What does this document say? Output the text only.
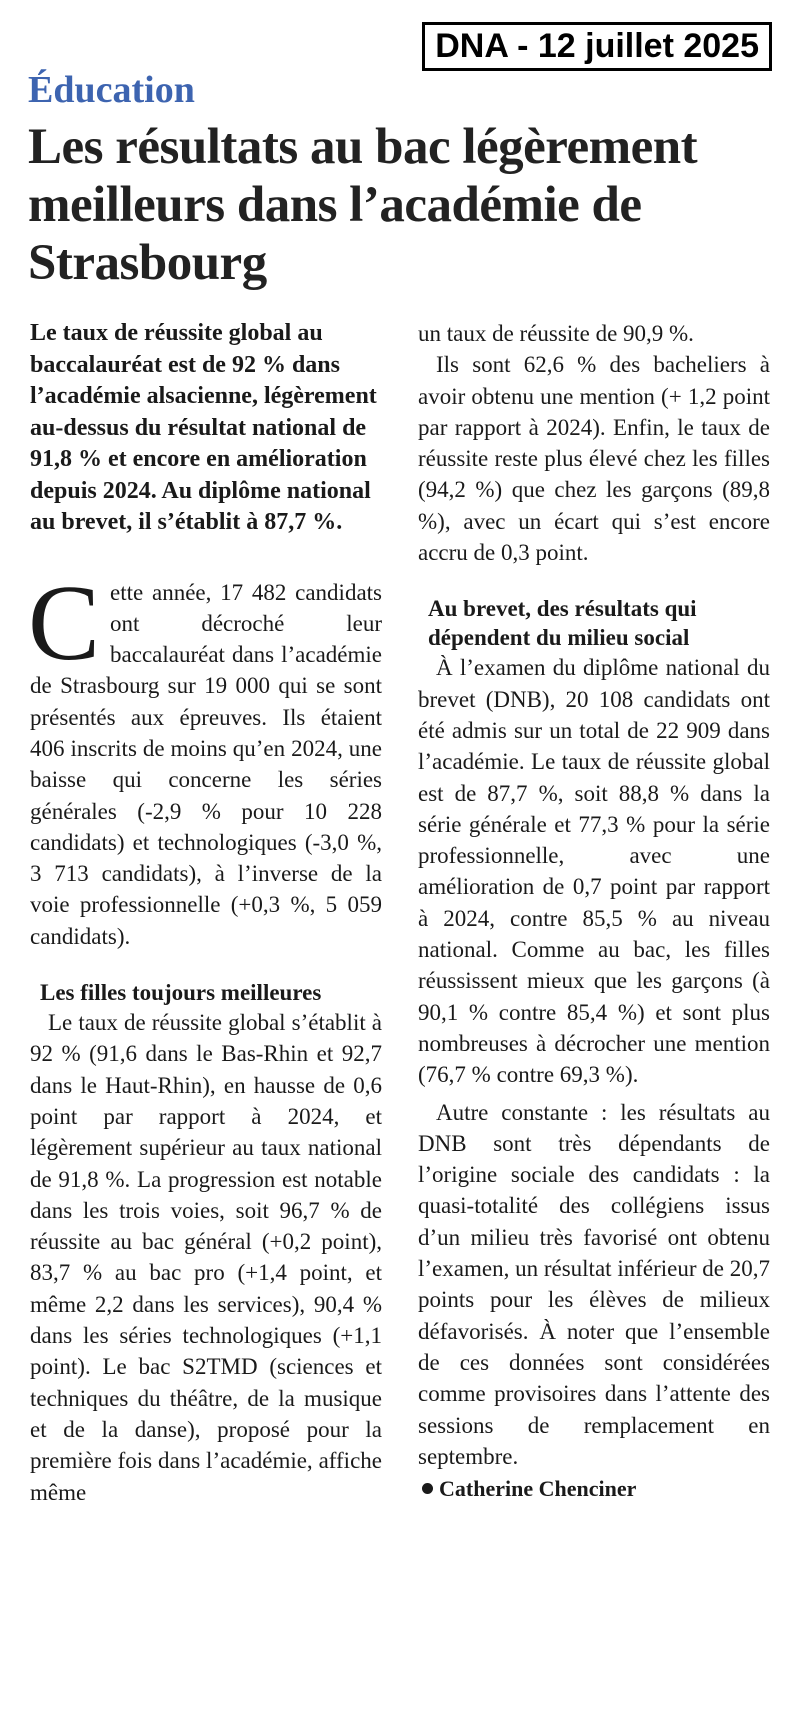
DNA - 12 juillet 2025
Éducation
Les résultats au bac légèrement meilleurs dans l’académie de Strasbourg

Le taux de réussite global au baccalauréat est de 92 % dans l’académie alsacienne, légèrement au-dessus du résultat national de 91,8 % et encore en amélioration depuis 2024. Au diplôme national au brevet, il s’établit à 87,7 %.

Cette année, 17 482 candidats ont décroché leur baccalauréat dans l’académie de Strasbourg sur 19 000 qui se sont présentés aux épreuves. Ils étaient 406 inscrits de moins qu’en 2024, une baisse qui concerne les séries générales (-2,9 % pour 10 228 candidats) et technologiques (-3,0 %, 3 713 candidats), à l’inverse de la voie professionnelle (+0,3 %, 5 059 candidats).

Les filles toujours meilleures

Le taux de réussite global s’établit à 92 % (91,6 dans le Bas-Rhin et 92,7 dans le Haut-Rhin), en hausse de 0,6 point par rapport à 2024, et légèrement supérieur au taux national de 91,8 %. La progression est notable dans les trois voies, soit 96,7 % de réussite au bac général (+0,2 point), 83,7 % au bac pro (+1,4 point, et même 2,2 dans les services), 90,4 % dans les séries technologiques (+1,1 point). Le bac S2TMD (sciences et techniques du théâtre, de la musique et de la danse), proposé pour la première fois dans l’académie, affiche même

un taux de réussite de 90,9 %.

Ils sont 62,6 % des bacheliers à avoir obtenu une mention (+ 1,2 point par rapport à 2024). Enfin, le taux de réussite reste plus élevé chez les filles (94,2 %) que chez les garçons (89,8 %), avec un écart qui s’est encore accru de 0,3 point.

Au brevet, des résultats qui dépendent du milieu social

À l’examen du diplôme national du brevet (DNB), 20 108 candidats ont été admis sur un total de 22 909 dans l’académie. Le taux de réussite global est de 87,7 %, soit 88,8 % dans la série générale et 77,3 % pour la série professionnelle, avec une amélioration de 0,7 point par rapport à 2024, contre 85,5 % au niveau national. Comme au bac, les filles réussissent mieux que les garçons (à 90,1 % contre 85,4 %) et sont plus nombreuses à décrocher une mention (76,7 % contre 69,3 %).

Autre constante : les résultats au DNB sont très dépendants de l’origine sociale des candidats : la quasi-totalité des collégiens issus d’un milieu très favorisé ont obtenu l’examen, un résultat inférieur de 20,7 points pour les élèves de milieux défavorisés. À noter que l’ensemble de ces données sont considérées comme provisoires dans l’attente des sessions de remplacement en septembre.

Catherine Chenciner
